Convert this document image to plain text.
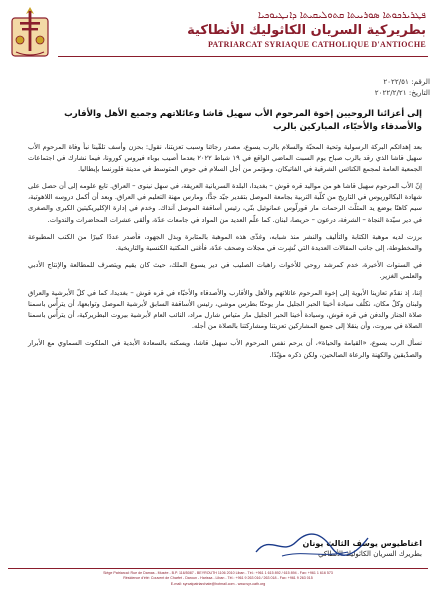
ܦܛܪܝܪܟܘܬܐ ܣܘܪܝܝܬܐ ܩܬܘܠܝܩܝܬܐ ܕܐܢܛܝܘܟܝܐ
بطريركية السريان الكاثوليك الأنطاكية
PATRIARCAT SYRIAQUE CATHOLIQUE D'ANTIOCHE
الرقم: ٢٠٢٢/٥١
التاريخ: ٢٠٢٢/٢/٢١
إلى أعزائنا الروحيين إخوة المرحوم الأب سهيل قاشا وعائلاتهم وجميع الأهل والأقارب والأصدقاء والأحبّاء، المباركين بالرب

بعد إهدائكم البركة الرسولية وتحية المحبّة والسلام بالرب يسوع، مصدر رجائنا وسبب تعزيتنا، نقول: بحزن وأسف تلقّينا نبأ وفاة المرحوم الأب سهيل قاشا الذي رقد بالرب صباح يوم السبت الماضي الواقع في ١٩ شباط ٢٠٢٢ بعدما أصيب بوباء فيروس كورونا، فيما نشارك في اجتماعات الجمعية العامة لمجمع الكنائس الشرقية في الفاتيكان، ومؤتمر من أجل السلام في حوض المتوسط في مدينة فلورنسا بإيطاليا.

إنّ الأب المرحوم سهيل قاشا هو من مواليد قره قوش – بغديدا، البلدة السريانية العريقة، في سهل نينوى – العراق. تابع علومه إلى أن حصل على شهادة البكالوريوس في التاريخ من كلّية التربية بجامعة الموصل بتقدير جيّد جدًّا، ومارس مهنة التعليم في العراق. وبعد أن أكمل دروسه اللاهوتية، سيم كاهنًا بوضع يد المثلّث الرحمات مار قورلّوس عمانوئيل بنّي، رئيس أساقفة الموصل آنذاك. وخدم في إدارة الإكليريكيتين الكبرى والصغرى في دير سيّدة النجاة – الشرفة، درعون – حريصا، لبنان. كما علّم العديد من المواد في جامعات عدّة، وألقى عشرات المحاضرات والندوات.

برزت لديه موهبة الكتابة والتأليف والنشر منذ شبابه، وغذّى هذه الموهبة بالمثابرة وبذل الجهود، فأصدر عددًا كبيرًا من الكتب المطبوعة والمخطوطة، إلى جانب المقالات العديدة التي نُشِرت في مجلات وصحف عدّة، فأغنى المكتبة الكنسية والتاريخية.

في السنوات الأخيرة، خدم كمرشد روحي للأخوات راهبات الصليب في دير يسوع الملك، حيث كان يقيم ويتصرف للمطالعة والإنتاج الأدبي والعلمي الغزير.

إننا، إذ نقدّم تعازينا الأبوية إلى إخوة المرحوم عائلاتهم والأهل والأقارب والأصدقاء والأحبّاء في قره قوش – بغديدا، كما في كلّ الأبرشية والعراق ولبنان وكلّ مكان، نكلّف سيادة أخينا الحبر الجليل مار يوحنّا بطرس موشي، رئيس الأساقفة السابق لأبرشية الموصل وتوابعها، أن يترأّس باسمنا صلاة الجناز والدفن في قره قوش، وسيادة أخينا الحبر الجليل مار متياس شارل مراد، النائب العام لأبرشية بيروت البطريركية، أن يترأّس باسمنا الصلاة في بيروت، وأن ينقلا إلى جميع المشاركين تعزيتنا ومشاركتنا بالصلاة من أجله.

نسأل الرب يسوع، «القيامة والحياة»، أن يرحم نفس المرحوم الأب سهيل قاشا، ويسكنه بالسعادة الأبدية في الملكوت السماوي مع الأبرار والصدّيقين والكهنة والرعاة الصالحين، ولكن ذكره مؤبّدًا.

اغناطيوس يوسف الثالث يونان
بطريرك السريان الكاثوليك الأنطاكي
Siège Patriarcal: Rue de Damas - Musée - B.P. 116/5087 - BEYROUTH 1106 2010 Liban - Tél.: +961 1 615 892 / 615 894 - Fax: +961 1 616 573
Résidence d'été: Couvent de Charfet - Daroun - Harissa - Liban - Tél.: +961 9 263 016 / 263 018 - Fax: +961 9 263 015
E-mail: syrcatpatriarchate@hotmail.com - www.syr-cath.org
